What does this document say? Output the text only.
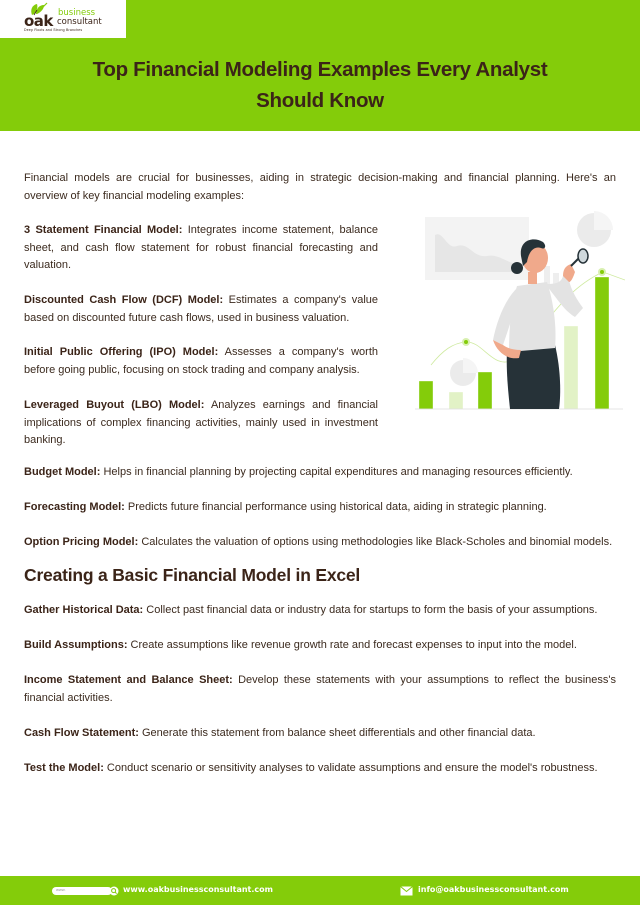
oak business
consultant
Deep Roots and Strong Branches
Top Financial Modeling Examples Every Analyst Should Know

Financial models are crucial for businesses, aiding in strategic decision-making and financial planning. Here's an overview of key financial modeling examples:

3 Statement Financial Model: Integrates income statement, balance sheet, and cash flow statement for robust financial forecasting and valuation.

Discounted Cash Flow (DCF) Model: Estimates a company's value based on discounted future cash flows, used in business valuation.

Initial Public Offering (IPO) Model: Assesses a company's worth before going public, focusing on stock trading and company analysis.

Leveraged Buyout (LBO) Model: Analyzes earnings and financial implications of complex financing activities, mainly used in investment banking.

Budget Model: Helps in financial planning by projecting capital expenditures and managing resources efficiently.

Forecasting Model: Predicts future financial performance using historical data, aiding in strategic planning.

Option Pricing Model: Calculates the valuation of options using methodologies like Black-Scholes and binomial models.

Creating a Basic Financial Model in Excel

Gather Historical Data: Collect past financial data or industry data for startups to form the basis of your assumptions.

Build Assumptions: Create assumptions like revenue growth rate and forecast expenses to input into the model.

Income Statement and Balance Sheet: Develop these statements with your assumptions to reflect the business's financial activities.

Cash Flow Statement: Generate this statement from balance sheet differentials and other financial data.

Test the Model: Conduct scenario or sensitivity analyses to validate assumptions and ensure the model's robustness.

www.	www.oakbusinessconsultant.com	info@oakbusinessconsultant.com
